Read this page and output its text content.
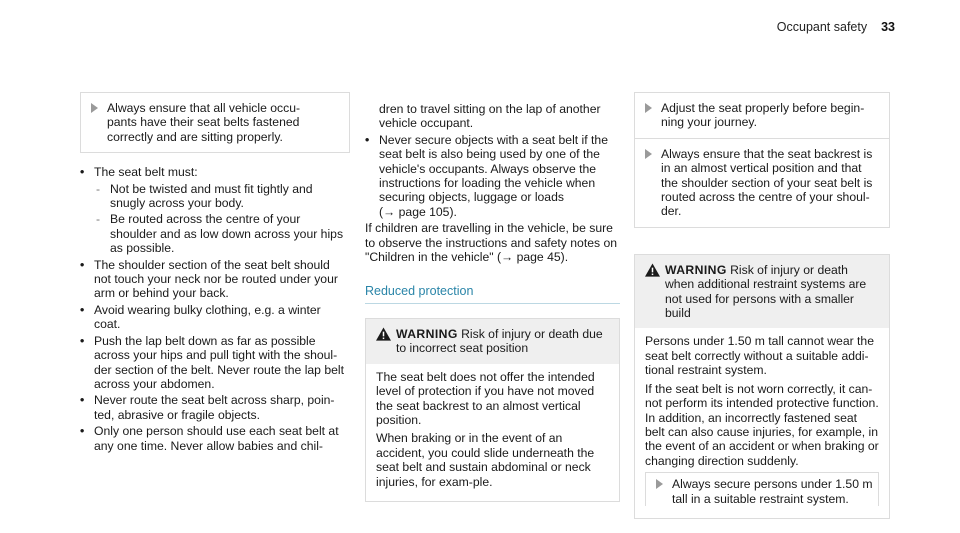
Occupant safety 33

Always ensure that all vehicle occu-
pants have their seat belts fastened
correctly and are sitting properly.

• The seat belt must:
- Not be twisted and must fit tightly and snugly across your body.
- Be routed across the centre of your shoulder and as low down across your hips as possible.
• The shoulder section of the seat belt should not touch your neck nor be routed under your arm or behind your back.
• Avoid wearing bulky clothing, e.g. a winter coat.
• Push the lap belt down as far as possible across your hips and pull tight with the shoul-der section of the belt. Never route the lap belt across your abdomen.
• Never route the seat belt across sharp, poin-ted, abrasive or fragile objects.
• Only one person should use each seat belt at any one time. Never allow babies and chil-

dren to travel sitting on the lap of another vehicle occupant.

• Never secure objects with a seat belt if the seat belt is also being used by one of the vehicle's occupants. Always observe the instructions for loading the vehicle when securing objects, luggage or loads
(→ page 105).

If children are travelling in the vehicle, be sure to observe the instructions and safety notes on "Children in the vehicle" (→ page 45).

Reduced protection
WARNING Risk of injury or death due to incorrect seat position

The seat belt does not offer the intended level of protection if you have not moved the seat backrest to an almost vertical position.

When braking or in the event of an accident, you could slide underneath the seat belt and sustain abdominal or neck injuries, for exam-ple.

Adjust the seat properly before begin-ning your journey.

Always ensure that the seat backrest is in an almost vertical position and that the shoulder section of your seat belt is routed across the centre of your shoul-der.

WARNING Risk of injury or death when additional restraint systems are not used for persons with a smaller build

Persons under 1.50 m tall cannot wear the seat belt correctly without a suitable addi-tional restraint system.

If the seat belt is not worn correctly, it can-not perform its intended protective function. In addition, an incorrectly fastened seat belt can also cause injuries, for example, in the event of an accident or when braking or changing direction suddenly.

Always secure persons under 1.50 m tall in a suitable restraint system.
